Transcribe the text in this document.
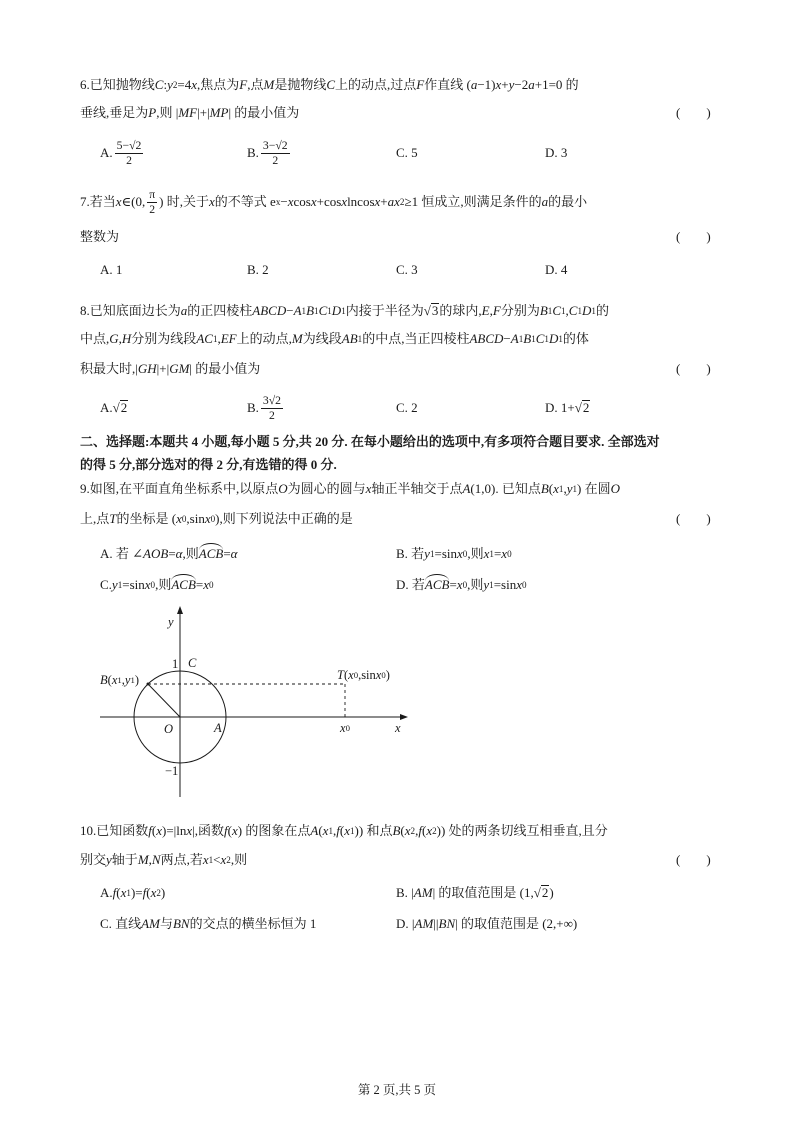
6.已知抛物线 C : y 2 =4 x ,焦点为 F ,点 M 是抛物线 C 上的动点,过点 F 作直线 ( a −1) x + y −2 a +1=0 的
垂线,垂足为 P ,则 | MF |+| MP | 的最小值为	(　　)
A. $\frac{5-√2}{2}$	B. $\frac{3-√2}{2}$	C. 5	D. 3
7.若当 x ∈(0, $\frac{\pi}{2}$ ) 时,关于 x 的不等式 e x − x cos x +cos x lncos x + ax 2 ≥1 恒成立,则满足条件的 a 的最小
整数为	(　　)
A. 1	B. 2	C. 3	D. 4
8.已知底面边长为 a 的正四棱柱 ABCD − A 1 B 1 C 1 D 1 内接于半径为 √ 3 的球内, E , F 分别为 B 1 C 1 , C 1 D 1 的
中点, G , H 分别为线段 AC 1 , EF 上的动点, M 为线段 AB 1 的中点,当正四棱柱 ABCD − A 1 B 1 C 1 D 1 的体
积最大时,| GH |+| GM | 的最小值为	(　　)
A. √ 2	B. $\frac{3√2}{2}$	C. 2	D. 1+ √ 2
二、选择题:本题共 4 小题,每小题 5 分,共 20 分. 在每小题给出的选项中,有多项符合题目要求. 全部选对
的得 5 分,部分选对的得 2 分,有选错的得 0 分.
9.如图,在平面直角坐标系中,以原点 O 为圆心的圆与 x 轴正半轴交于点 A (1,0). 已知点 B ( x 1 , y 1 ) 在圆 O
上,点 T 的坐标是 ( x 0 ,sin x 0 ),则下列说法中正确的是	(　　)
A. 若 ∠ AOB = α ,则 ACB = α	B. 若 y 1 =sin x 0 ,则 x 1 = x 0
C. y 1 =sin x 0 ,则 ACB = x 0	D. 若 ACB = x 0 ,则 y 1 =sin x 0
y
x
O	A
1 C
−1
B ( x 1 , y 1 )	T ( x 0 ,sin x 0 )
x 0
10.已知函数 f ( x )=|ln x |,函数 f ( x ) 的图象在点 A ( x 1 , f ( x 1 )) 和点 B ( x 2 , f ( x 2 )) 处的两条切线互相垂直,且分
别交 y 轴于 M , N 两点,若 x 1 < x 2 ,则	(　　)
A. f ( x 1 )= f ( x 2 )	B. | AM | 的取值范围是 (1, √ 2 )
C. 直线 AM 与 BN 的交点的横坐标恒为 1	D. | AM || BN | 的取值范围是 (2,+∞)
第 2 页,共 5 页
